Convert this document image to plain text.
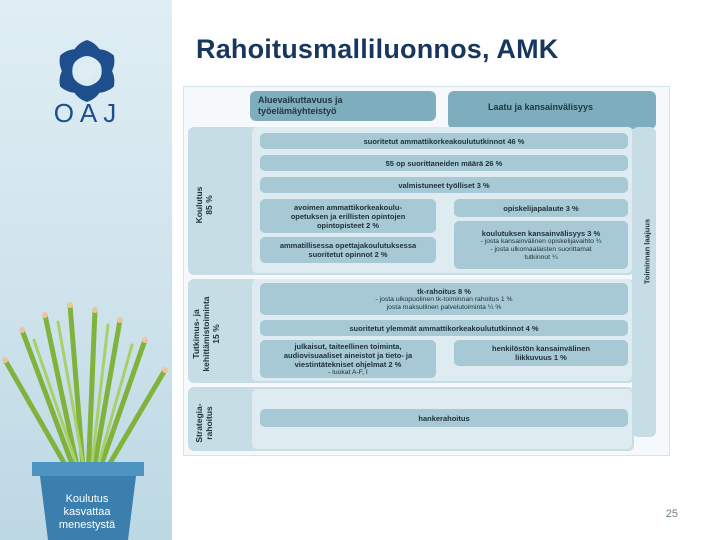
OAJ
Koulutus
kasvattaa
menestystä
Rahoitusmalliluonnos, AMK
Aluevaikuttavuus ja
työelämäyhteistyö	Laatu ja kansainvälisyys
Toiminnan laajuus
Koulutus 85 %
suoritetut ammattikorkeakoulututkinnot 46 %
55 op suorittaneiden määrä 26 %
valmistuneet työlliset 3 %
avoimen ammattikorkeakoulu-
opetuksen ja erillisten opintojen
opintopisteet 2 %
opiskelijapalaute 3 %
koulutuksen kansainvälisyys 3 %
- josta kansainvälinen opiskelijavaihto ¾
- josta ulkomaalaisten suorittamat
tutkinnot ¼
ammatillisessa opettajakoulutuksessa
suoritetut opinnot 2 %
Tutkimus- ja kehittämistoiminta 15 %
tk-rahoitus 8 %
- josta ulkopuolinen tk-toiminnan rahoitus 1 %
josta maksullinen palvelutoiminta ¼ %
suoritetut ylemmät ammattikorkeakoulututkinnot 4 %
julkaisut, taiteellinen toiminta,
audiovisuaaliset aineistot ja tieto- ja
viestintätekniset ohjelmat 2 %
- luokat A-F, I
henkilöstön kansainvälinen
liikkuvuus 1 %
Strategia- rahoitus	hankerahoitus
25
